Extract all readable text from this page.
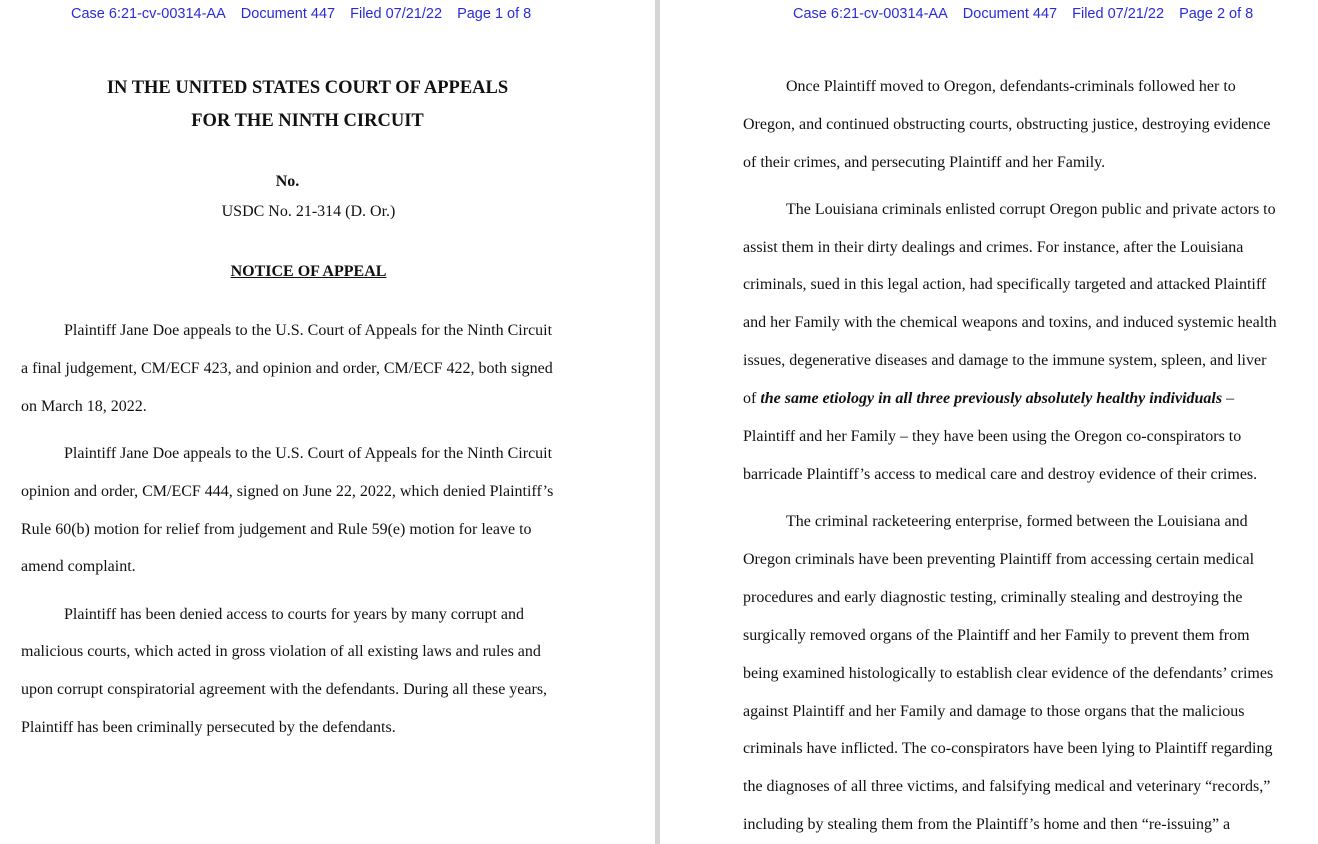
Case 6:21-cv-00314-AA Document 447 Filed 07/21/22 Page 1 of 8
IN THE UNITED STATES COURT OF APPEALS
FOR THE NINTH CIRCUIT
No.
USDC No. 21-314 (D. Or.)
NOTICE OF APPEAL
Plaintiff Jane Doe appeals to the U.S. Court of Appeals for the Ninth Circuit
a final judgement, CM/ECF 423, and opinion and order, CM/ECF 422, both signed
on March 18, 2022.
Plaintiff Jane Doe appeals to the U.S. Court of Appeals for the Ninth Circuit
opinion and order, CM/ECF 444, signed on June 22, 2022, which denied Plaintiff’s
Rule 60(b) motion for relief from judgement and Rule 59(e) motion for leave to
amend complaint.
Plaintiff has been denied access to courts for years by many corrupt and
malicious courts, which acted in gross violation of all existing laws and rules and
upon corrupt conspiratorial agreement with the defendants. During all these years,
Plaintiff has been criminally persecuted by the defendants.
Case 6:21-cv-00314-AA Document 447 Filed 07/21/22 Page 2 of 8
Once Plaintiff moved to Oregon, defendants-criminals followed her to
Oregon, and continued obstructing courts, obstructing justice, destroying evidence
of their crimes, and persecuting Plaintiff and her Family.
The Louisiana criminals enlisted corrupt Oregon public and private actors to
assist them in their dirty dealings and crimes. For instance, after the Louisiana
criminals, sued in this legal action, had specifically targeted and attacked Plaintiff
and her Family with the chemical weapons and toxins, and induced systemic health
issues, degenerative diseases and damage to the immune system, spleen, and liver
of the same etiology in all three previously absolutely healthy individuals –
Plaintiff and her Family – they have been using the Oregon co-conspirators to
barricade Plaintiff’s access to medical care and destroy evidence of their crimes.
The criminal racketeering enterprise, formed between the Louisiana and
Oregon criminals have been preventing Plaintiff from accessing certain medical
procedures and early diagnostic testing, criminally stealing and destroying the
surgically removed organs of the Plaintiff and her Family to prevent them from
being examined histologically to establish clear evidence of the defendants’ crimes
against Plaintiff and her Family and damage to those organs that the malicious
criminals have inflicted. The co-conspirators have been lying to Plaintiff regarding
the diagnoses of all three victims, and falsifying medical and veterinary “records,”
including by stealing them from the Plaintiff’s home and then “re-issuing” a
